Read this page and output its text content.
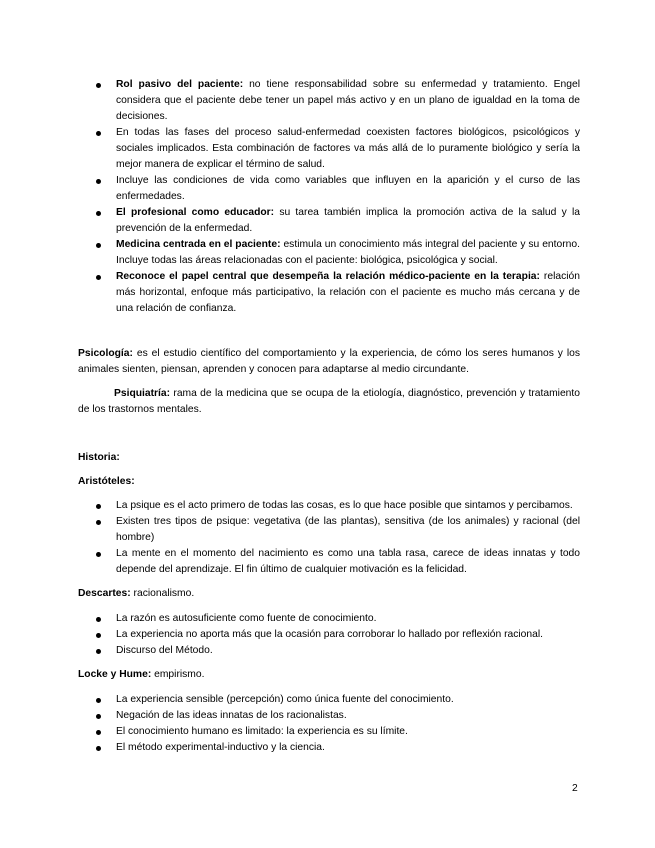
Rol pasivo del paciente: no tiene responsabilidad sobre su enfermedad y tratamiento. Engel considera que el paciente debe tener un papel más activo y en un plano de igualdad en la toma de decisiones.
En todas las fases del proceso salud-enfermedad coexisten factores biológicos, psicológicos y sociales implicados. Esta combinación de factores va más allá de lo puramente biológico y sería la mejor manera de explicar el término de salud.
Incluye las condiciones de vida como variables que influyen en la aparición y el curso de las enfermedades.
El profesional como educador: su tarea también implica la promoción activa de la salud y la prevención de la enfermedad.
Medicina centrada en el paciente: estimula un conocimiento más integral del paciente y su entorno. Incluye todas las áreas relacionadas con el paciente: biológica, psicológica y social.
Reconoce el papel central que desempeña la relación médico-paciente en la terapia: relación más horizontal, enfoque más participativo, la relación con el paciente es mucho más cercana y de una relación de confianza.

Psicología: es el estudio científico del comportamiento y la experiencia, de cómo los seres humanos y los animales sienten, piensan, aprenden y conocen para adaptarse al medio circundante.

Psiquiatría: rama de la medicina que se ocupa de la etiología, diagnóstico, prevención y tratamiento de los trastornos mentales.

Historia:

Aristóteles:

La psique es el acto primero de todas las cosas, es lo que hace posible que sintamos y percibamos.
Existen tres tipos de psique: vegetativa (de las plantas), sensitiva (de los animales) y racional (del hombre)
La mente en el momento del nacimiento es como una tabla rasa, carece de ideas innatas y todo depende del aprendizaje. El fin último de cualquier motivación es la felicidad.

Descartes: racionalismo.

La razón es autosuficiente como fuente de conocimiento.
La experiencia no aporta más que la ocasión para corroborar lo hallado por reflexión racional.
Discurso del Método.

Locke y Hume: empirismo.

La experiencia sensible (percepción) como única fuente del conocimiento.
Negación de las ideas innatas de los racionalistas.
El conocimiento humano es limitado: la experiencia es su límite.
El método experimental-inductivo y la ciencia.
2
